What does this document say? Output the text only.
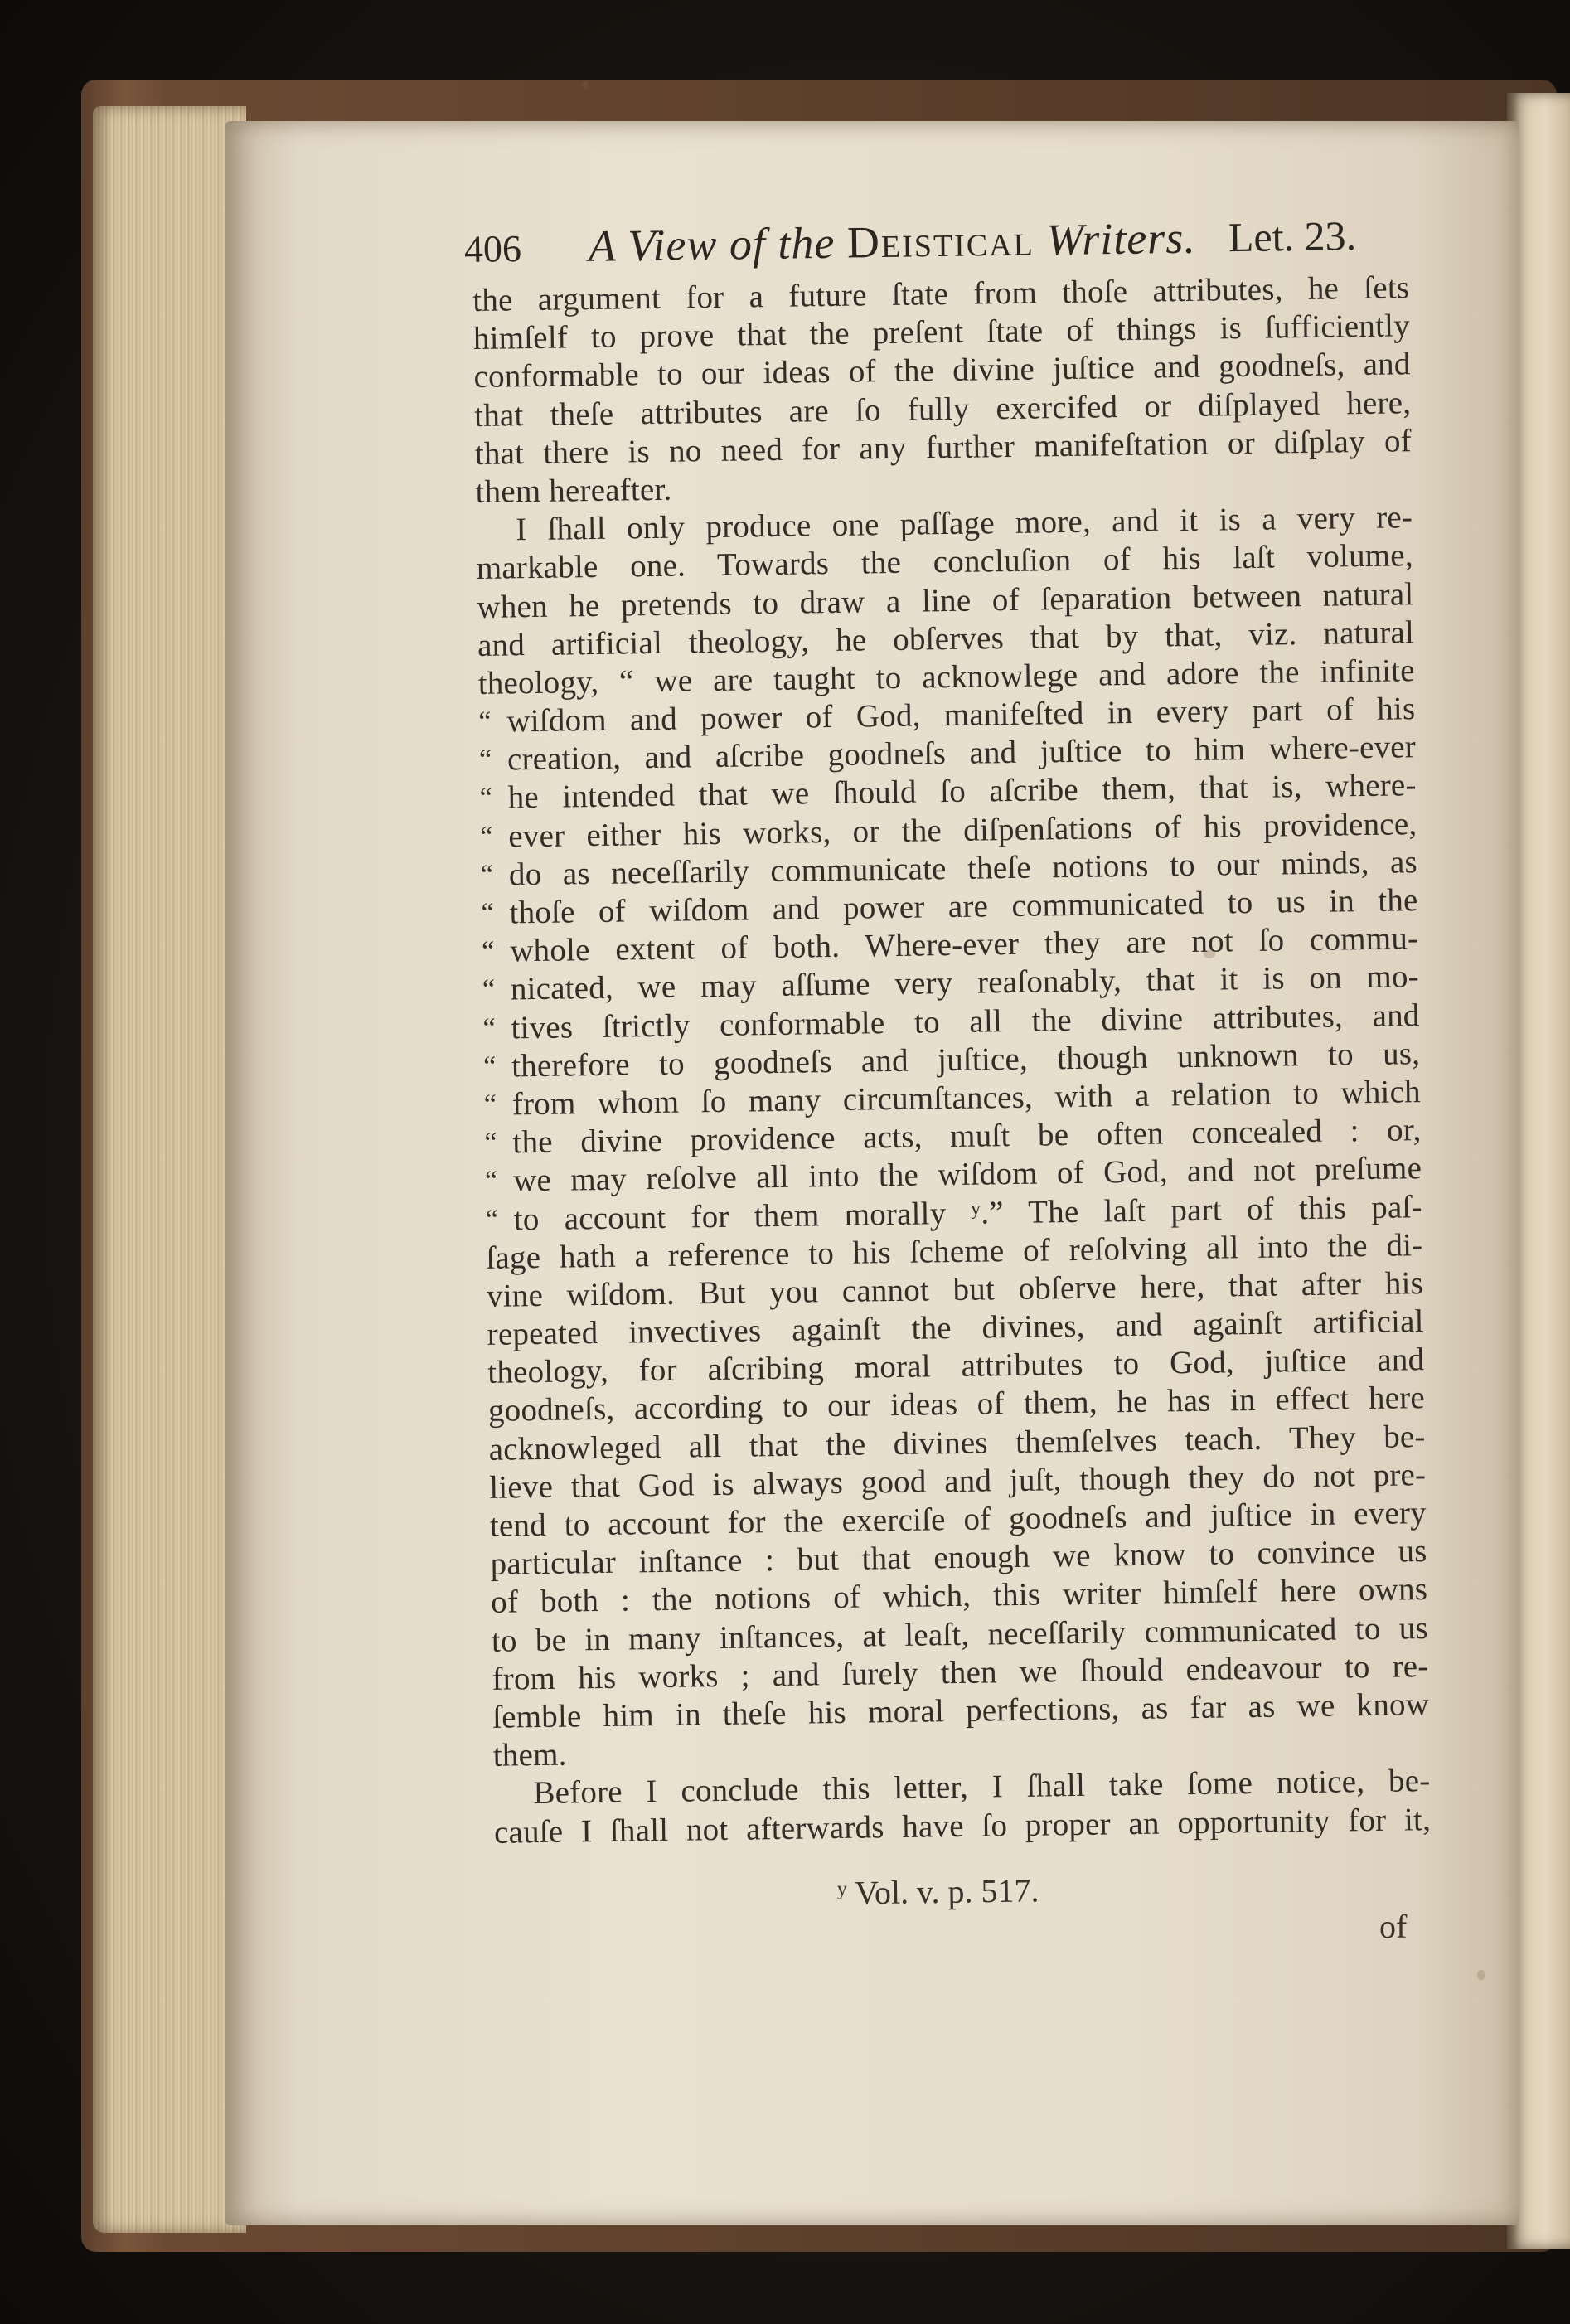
406 A View of the Deistical Writers. Let. 23.
the argument for a future ſtate from thoſe attributes, he ſets
himſelf to prove that the preſent ſtate of things is ſufficiently
conformable to our ideas of the divine juſtice and goodneſs, and
that theſe attributes are ſo fully exercifed or diſplayed here,
that there is no need for any further manifeſtation or diſplay of
them hereafter.
I ſhall only produce one paſſage more, and it is a very re-
markable one. Towards the concluſion of his laſt volume,
when he pretends to draw a line of ſeparation between natural
and artificial theology, he obſerves that by that, viz. natural
theology, “ we are taught to acknowlege and adore the infinite
“ wiſdom and power of God, manifeſted in every part of his
“ creation, and aſcribe goodneſs and juſtice to him where-ever
“ he intended that we ſhould ſo aſcribe them, that is, where-
“ ever either his works, or the diſpenſations of his providence,
“ do as neceſſarily communicate theſe notions to our minds, as
“ thoſe of wiſdom and power are communicated to us in the
“ whole extent of both. Where-ever they are not ſo commu-
“ nicated, we may aſſume very reaſonably, that it is on mo-
“ tives ſtrictly conformable to all the divine attributes, and
“ therefore to goodneſs and juſtice, though unknown to us,
“ from whom ſo many circumſtances, with a relation to which
“ the divine providence acts, muſt be often concealed : or,
“ we may reſolve all into the wiſdom of God, and not preſume
“ to account for them morally ʸ.” The laſt part of this paſ-
ſage hath a reference to his ſcheme of reſolving all into the di-
vine wiſdom. But you cannot but obſerve here, that after his
repeated invectives againſt the divines, and againſt artificial
theology, for aſcribing moral attributes to God, juſtice and
goodneſs, according to our ideas of them, he has in effect here
acknowleged all that the divines themſelves teach. They be-
lieve that God is always good and juſt, though they do not pre-
tend to account for the exerciſe of goodneſs and juſtice in every
particular inſtance : but that enough we know to convince us
of both : the notions of which, this writer himſelf here owns
to be in many inſtances, at leaſt, neceſſarily communicated to us
from his works ; and ſurely then we ſhould endeavour to re-
ſemble him in theſe his moral perfections, as far as we know
them.
Before I conclude this letter, I ſhall take ſome notice, be-
cauſe I ſhall not afterwards have ſo proper an opportunity for it,
ʸ Vol. v. p. 517.
of
